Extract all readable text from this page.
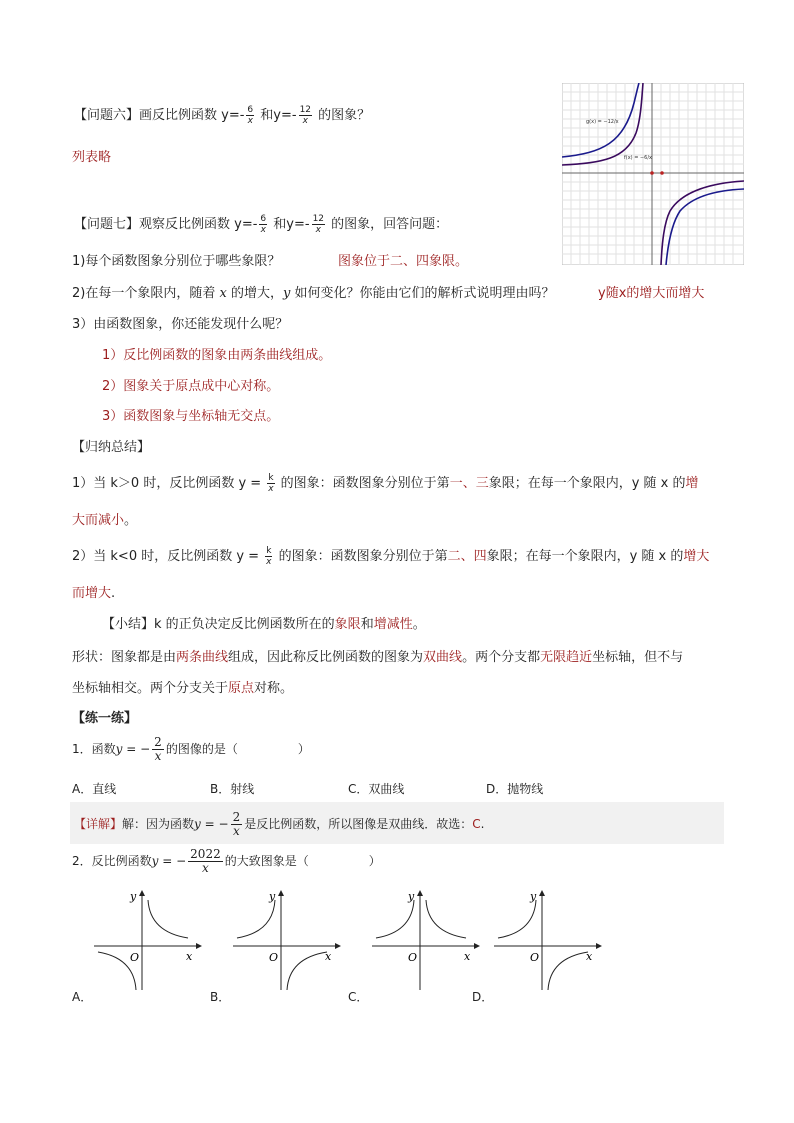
【问题六】画反比例函数 $y=- \frac{6}{x}$ 和$y=- \frac{12}{x}$ 的图象？
列表略
g(x) = −12/x
f(x) = −6/x
【问题七】观察反比例函数 $y=- \frac{6}{x}$ 和$y=- \frac{12}{x}$ 的图象，回答问题：
1)每个函数图象分别位于哪些象限？	图象位于二、四象限。
2)在每一个象限内，随着 x 的增大，y 如何变化？你能由它们的解析式说明理由吗？	y随x的增大而增大
3）由函数图象，你还能发现什么呢？
1）反比例函数的图象由两条曲线组成。
2）图象关于原点成中心对称。
3）函数图象与坐标轴无交点。
【归纳总结】
1）当 k＞0 时，反比例函数 $y = \frac{k}{x}$ 的图象：函数图象分别位于第一、三象限；在每一个象限内，y 随 x 的增
大而减小。
2）当 k<0 时，反比例函数 $y = \frac{k}{x}$ 的图象：函数图象分别位于第二、四象限；在每一个象限内，y 随 x 的增大
而增大.
【小结】k 的正负决定反比例函数所在的象限和增减性。
形状：图象都是由两条曲线组成，因此称反比例函数的图象为双曲线。两个分支都无限趋近坐标轴，但不与
坐标轴相交。两个分支关于原点对称。
【练一练】
1．函数y = − $\frac{2}{x}$ 的图像的是（　　　　　）
A．直线	B．射线	C．双曲线	D．抛物线
【详解】解：因为函数y = − $\frac{2}{x}$ 是反比例函数，所以图像是双曲线．故选：C.
2．反比例函数y = − $\frac{2022}{x}$ 的大致图象是（　　　　　）
y
x
O
A．
y
x
O
B．
y
x
O
C．
y
x
O
D．
